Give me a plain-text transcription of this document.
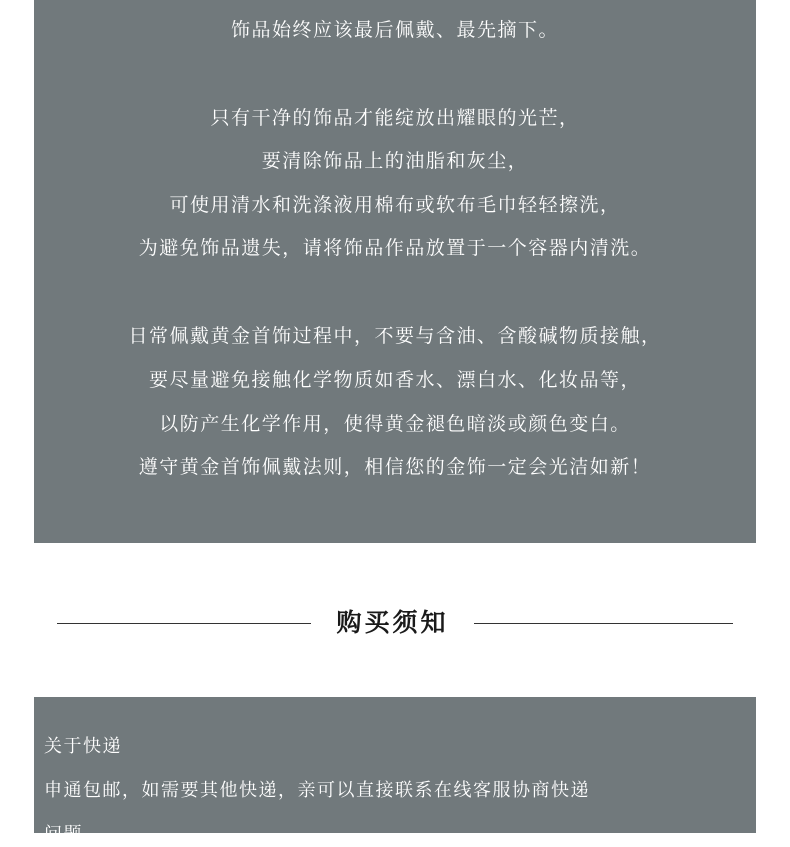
饰品始终应该最后佩戴、最先摘下。
只有干净的饰品才能绽放出耀眼的光芒，
要清除饰品上的油脂和灰尘，
可使用清水和洗涤液用棉布或软布毛巾轻轻擦洗，
为避免饰品遗失，请将饰品作品放置于一个容器内清洗。
日常佩戴黄金首饰过程中，不要与含油、含酸碱物质接触，
要尽量避免接触化学物质如香水、漂白水、化妆品等，
以防产生化学作用，使得黄金褪色暗淡或颜色变白。
遵守黄金首饰佩戴法则，相信您的金饰一定会光洁如新！
购买须知
关于快递
申通包邮，如需要其他快递，亲可以直接联系在线客服协商快递
问题
